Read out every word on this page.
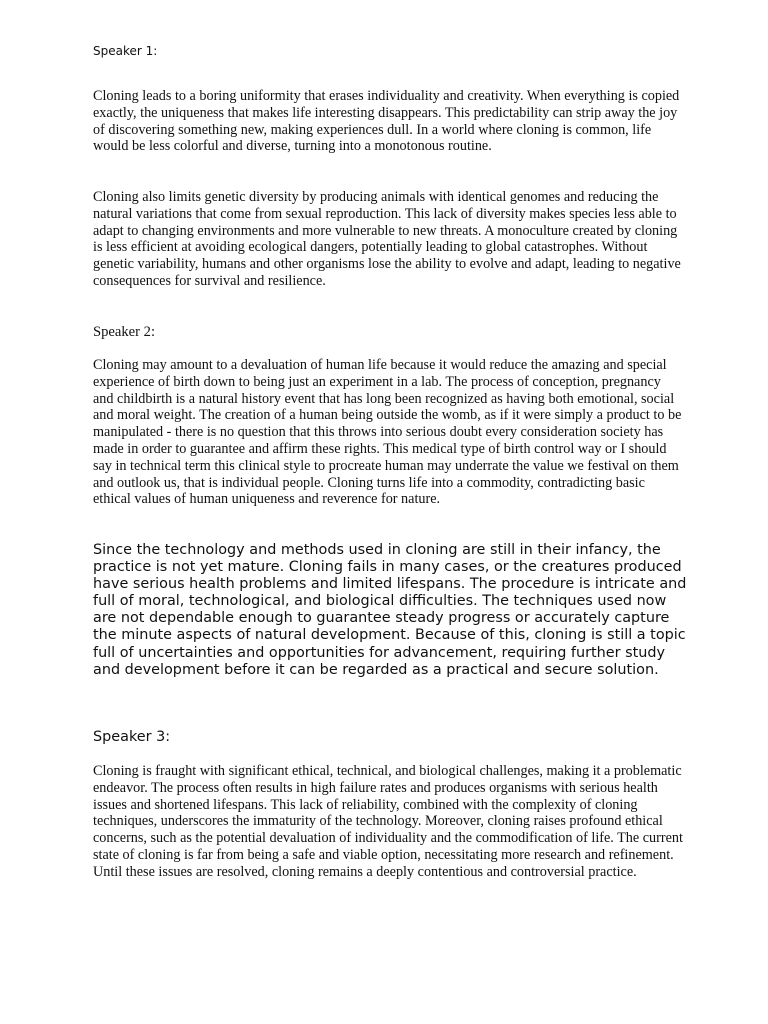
Speaker 1:

Cloning leads to a boring uniformity that erases individuality and creativity. When everything is copied exactly, the uniqueness that makes life interesting disappears. This predictability can strip away the joy of discovering something new, making experiences dull. In a world where cloning is common, life would be less colorful and diverse, turning into a monotonous routine.

Cloning also limits genetic diversity by producing animals with identical genomes and reducing the natural variations that come from sexual reproduction. This lack of diversity makes species less able to adapt to changing environments and more vulnerable to new threats. A monoculture created by cloning is less efficient at avoiding ecological dangers, potentially leading to global catastrophes. Without genetic variability, humans and other organisms lose the ability to evolve and adapt, leading to negative consequences for survival and resilience.

Speaker 2:

Cloning may amount to a devaluation of human life because it would reduce the amazing and special experience of birth down to being just an experiment in a lab. The process of conception, pregnancy and childbirth is a natural history event that has long been recognized as having both emotional, social and moral weight. The creation of a human being outside the womb, as if it were simply a product to be manipulated - there is no question that this throws into serious doubt every consideration society has made in order to guarantee and affirm these rights. This medical type of birth control way or I should say in technical term this clinical style to procreate human may underrate the value we festival on them and outlook us, that is individual people. Cloning turns life into a commodity, contradicting basic ethical values of human uniqueness and reverence for nature.

Since the technology and methods used in cloning are still in their infancy, the practice is not yet mature. Cloning fails in many cases, or the creatures produced have serious health problems and limited lifespans. The procedure is intricate and full of moral, technological, and biological difficulties. The techniques used now are not dependable enough to guarantee steady progress or accurately capture the minute aspects of natural development. Because of this, cloning is still a topic full of uncertainties and opportunities for advancement, requiring further study and development before it can be regarded as a practical and secure solution.

Speaker 3:

Cloning is fraught with significant ethical, technical, and biological challenges, making it a problematic endeavor. The process often results in high failure rates and produces organisms with serious health issues and shortened lifespans. This lack of reliability, combined with the complexity of cloning techniques, underscores the immaturity of the technology. Moreover, cloning raises profound ethical concerns, such as the potential devaluation of individuality and the commodification of life. The current state of cloning is far from being a safe and viable option, necessitating more research and refinement. Until these issues are resolved, cloning remains a deeply contentious and controversial practice.
